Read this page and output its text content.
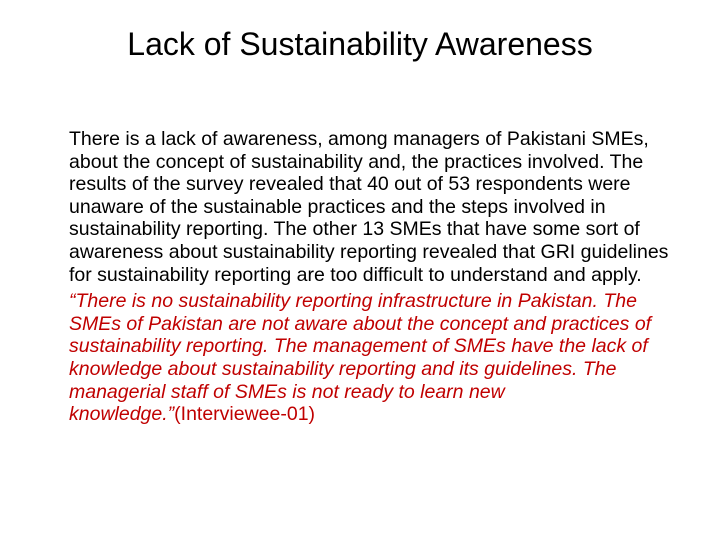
Lack of Sustainability Awareness

There is a lack of awareness, among managers of Pakistani SMEs, about the concept of sustainability and, the practices involved. The results of the survey revealed that 40 out of 53 respondents were unaware of the sustainable practices and the steps involved in sustainability reporting. The other 13 SMEs that have some sort of awareness about sustainability reporting revealed that GRI guidelines for sustainability reporting are too difficult to understand and apply.

“There is no sustainability reporting infrastructure in Pakistan. The SMEs of Pakistan are not aware about the concept and practices of sustainability reporting. The management of SMEs have the lack of knowledge about sustainability reporting and its guidelines. The managerial staff of SMEs is not ready to learn new knowledge.”(Interviewee-01)
